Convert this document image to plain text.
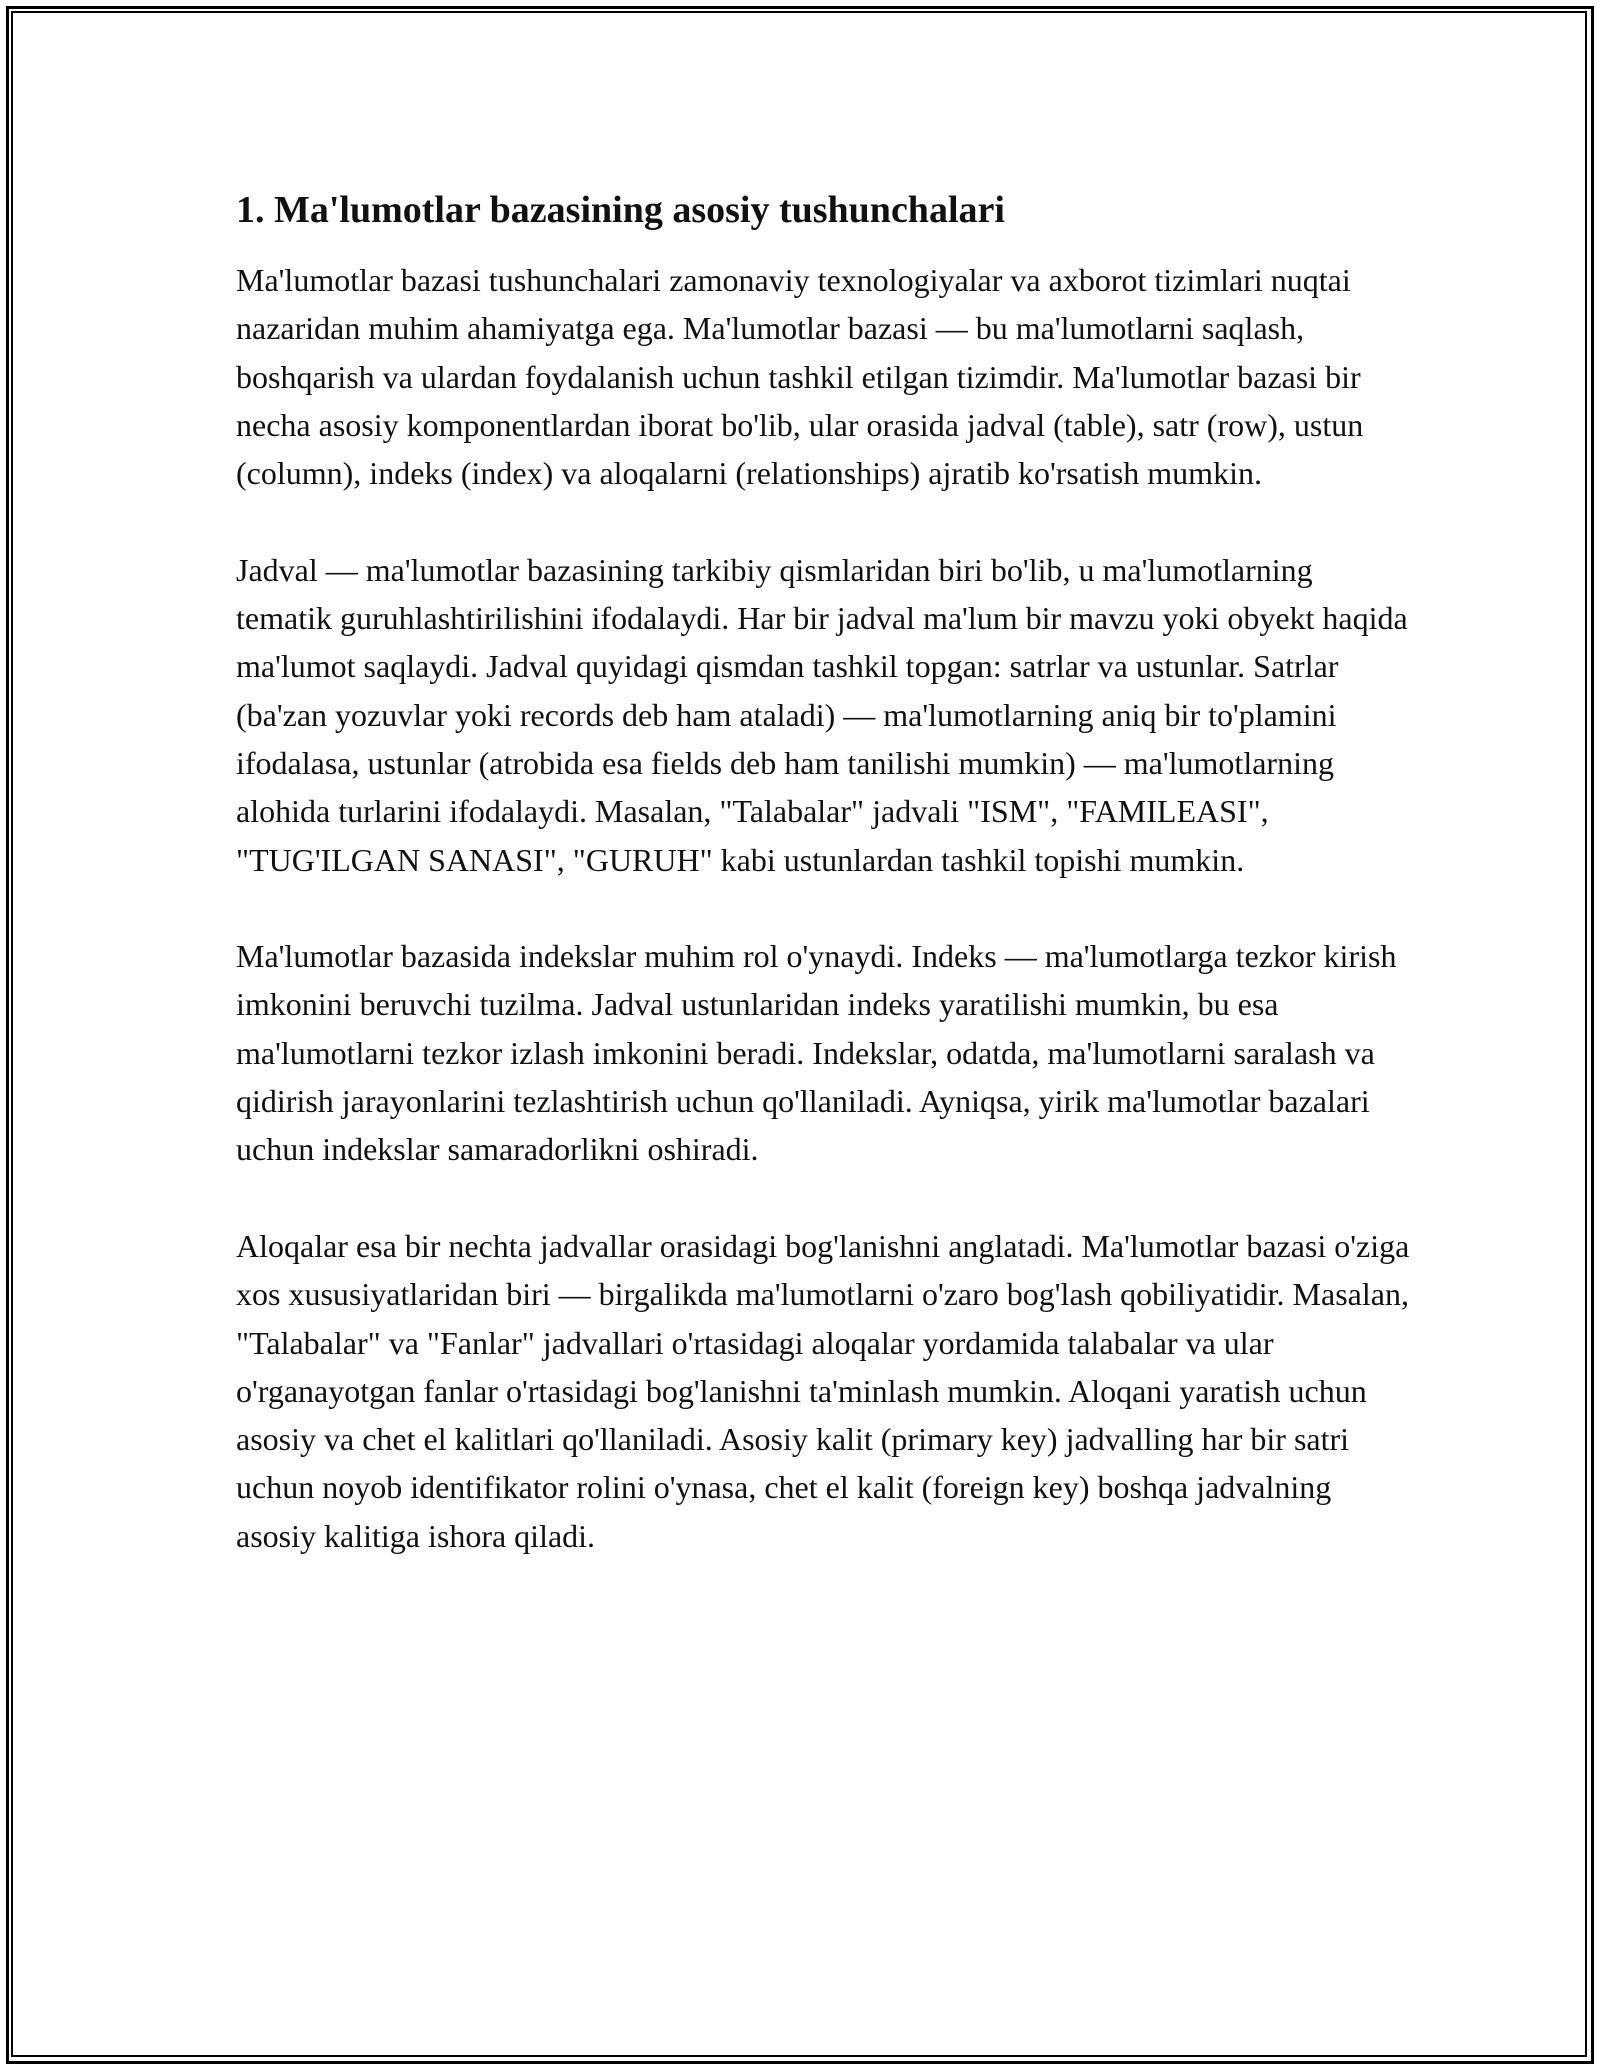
1. Ma'lumotlar bazasining asosiy tushunchalari

Ma'lumotlar bazasi tushunchalari zamonaviy texnologiyalar va axborot tizimlari nuqtai nazaridan muhim ahamiyatga ega. Ma'lumotlar bazasi — bu ma'lumotlarni saqlash, boshqarish va ulardan foydalanish uchun tashkil etilgan tizimdir. Ma'lumotlar bazasi bir necha asosiy komponentlardan iborat bo'lib, ular orasida jadval (table), satr (row), ustun (column), indeks (index) va aloqalarni (relationships) ajratib ko'rsatish mumkin.

Jadval — ma'lumotlar bazasining tarkibiy qismlaridan biri bo'lib, u ma'lumotlarning tematik guruhlashtirilishini ifodalaydi. Har bir jadval ma'lum bir mavzu yoki obyekt haqida ma'lumot saqlaydi. Jadval quyidagi qismdan tashkil topgan: satrlar va ustunlar. Satrlar (ba'zan yozuvlar yoki records deb ham ataladi) — ma'lumotlarning aniq bir to'plamini ifodalasa, ustunlar (atrobida esa fields deb ham tanilishi mumkin) — ma'lumotlarning alohida turlarini ifodalaydi. Masalan, "Talabalar" jadvali "ISM", "FAMILEASI", "TUG'ILGAN SANASI", "GURUH" kabi ustunlardan tashkil topishi mumkin.

Ma'lumotlar bazasida indekslar muhim rol o'ynaydi. Indeks — ma'lumotlarga tezkor kirish imkonini beruvchi tuzilma. Jadval ustunlaridan indeks yaratilishi mumkin, bu esa ma'lumotlarni tezkor izlash imkonini beradi. Indekslar, odatda, ma'lumotlarni saralash va qidirish jarayonlarini tezlashtirish uchun qo'llaniladi. Ayniqsa, yirik ma'lumotlar bazalari uchun indekslar samaradorlikni oshiradi.

Aloqalar esa bir nechta jadvallar orasidagi bog'lanishni anglatadi. Ma'lumotlar bazasi o'ziga xos xususiyatlaridan biri — birgalikda ma'lumotlarni o'zaro bog'lash qobiliyatidir. Masalan, "Talabalar" va "Fanlar" jadvallari o'rtasidagi aloqalar yordamida talabalar va ular o'rganayotgan fanlar o'rtasidagi bog'lanishni ta'minlash mumkin. Aloqani yaratish uchun asosiy va chet el kalitlari qo'llaniladi. Asosiy kalit (primary key) jadvalling har bir satri uchun noyob identifikator rolini o'ynasa, chet el kalit (foreign key) boshqa jadvalning asosiy kalitiga ishora qiladi.
